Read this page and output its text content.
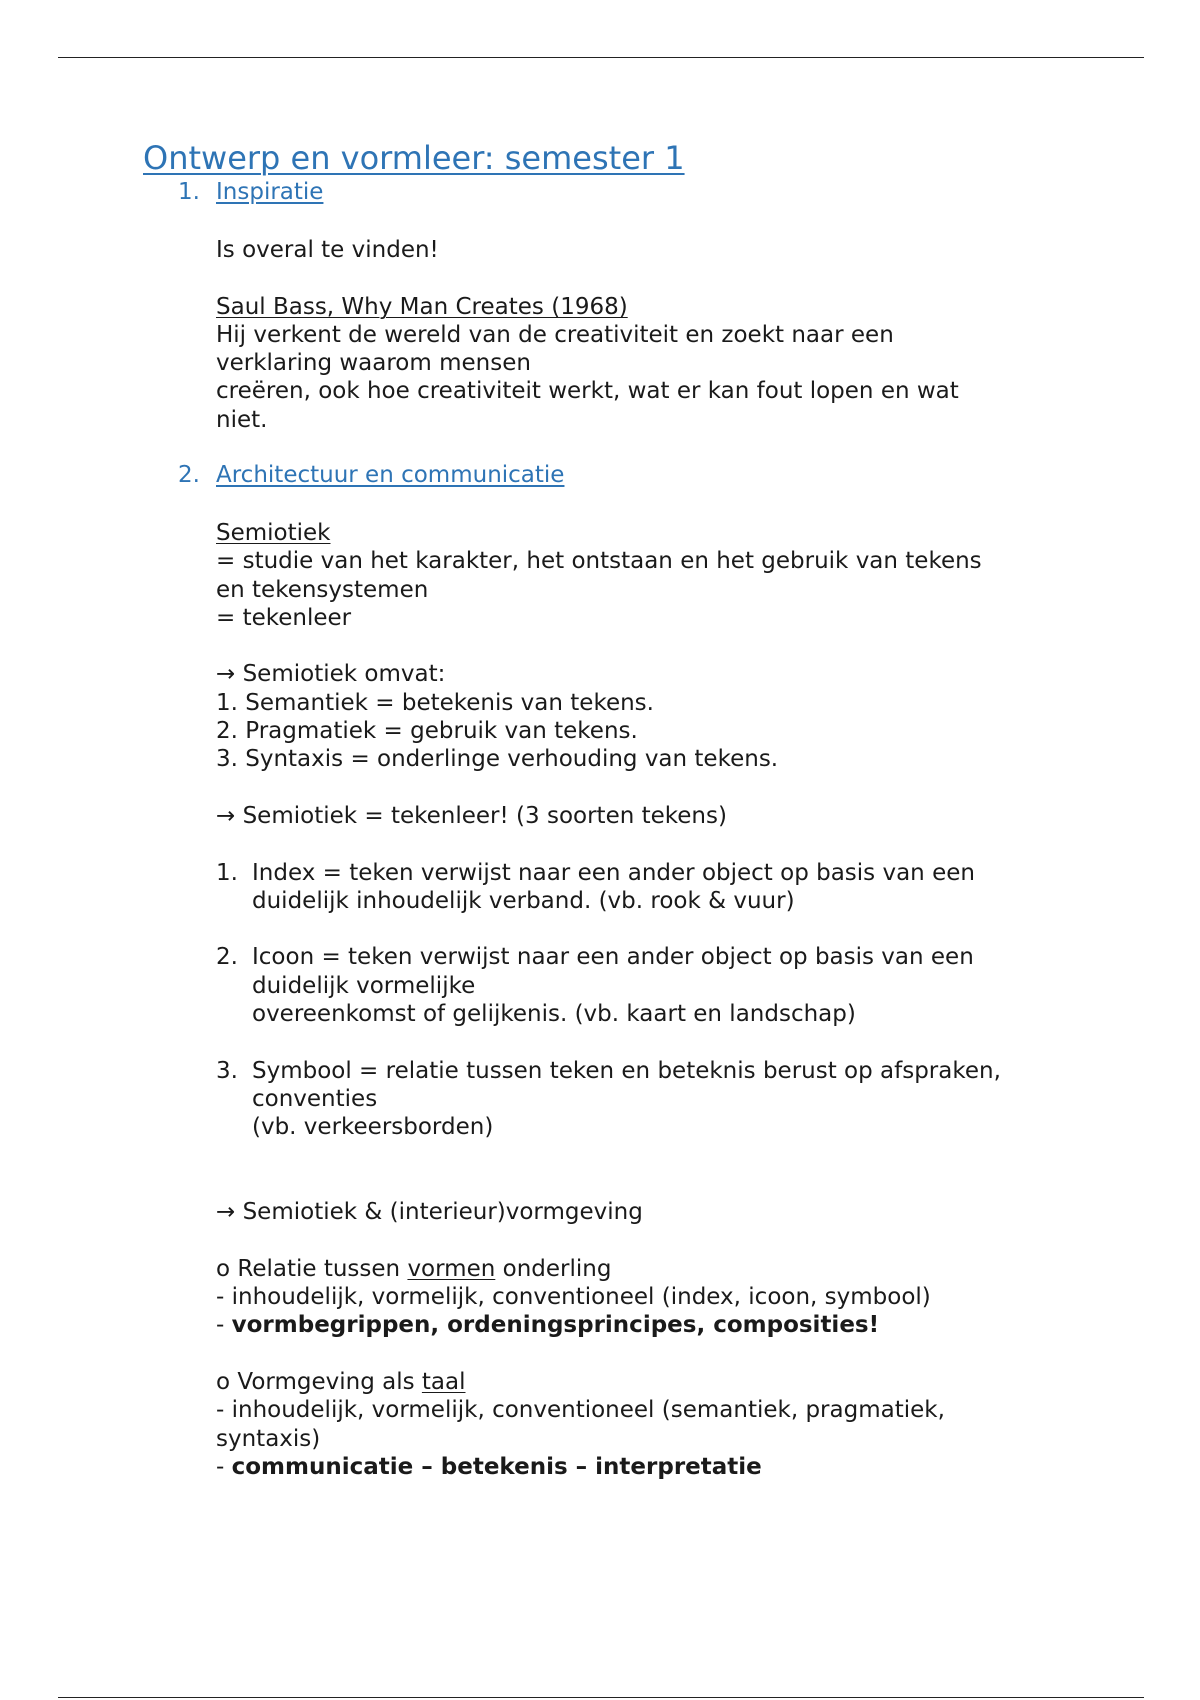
Ontwerp en vormleer: semester 1
1. Inspiratie

Is overal te vinden!

Saul Bass, Why Man Creates (1968)

Hij verkent de wereld van de creativiteit en zoekt naar een

verklaring waarom mensen

creëren, ook hoe creativiteit werkt, wat er kan fout lopen en wat

niet.

2. Architectuur en communicatie

Semiotiek

= studie van het karakter, het ontstaan en het gebruik van tekens

en tekensystemen

= tekenleer

→ Semiotiek omvat:

1. Semantiek = betekenis van tekens.

2. Pragmatiek = gebruik van tekens.

3. Syntaxis = onderlinge verhouding van tekens.

→ Semiotiek = tekenleer! (3 soorten tekens)

1. Index = teken verwijst naar een ander object op basis van een

duidelijk inhoudelijk verband. (vb. rook & vuur)

2. Icoon = teken verwijst naar een ander object op basis van een

duidelijk vormelijke

overeenkomst of gelijkenis. (vb. kaart en landschap)

3. Symbool = relatie tussen teken en beteknis berust op afspraken,

conventies

(vb. verkeersborden)

→ Semiotiek & (interieur)vormgeving

o Relatie tussen vormen onderling

- inhoudelijk, vormelijk, conventioneel (index, icoon, symbool)

- vormbegrippen, ordeningsprincipes, composities!

o Vormgeving als taal

- inhoudelijk, vormelijk, conventioneel (semantiek, pragmatiek,

syntaxis)

- communicatie – betekenis – interpretatie
